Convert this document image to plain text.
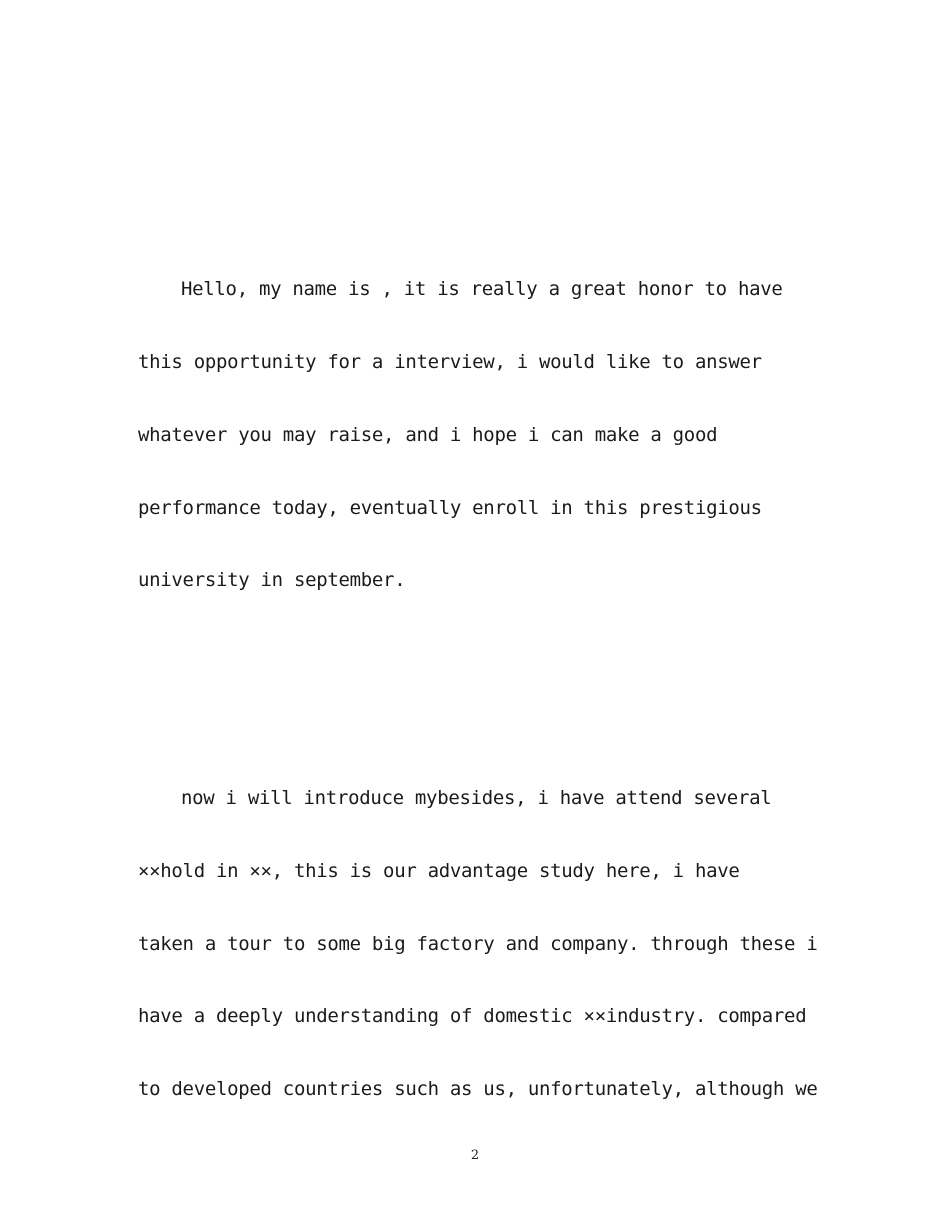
Hello, my name is , it is really a great honor to have
this opportunity for a interview, i would like to answer
whatever you may raise, and i hope i can make a good
performance today, eventually enroll in this prestigious
university in september.
now i will introduce mybesides, i have attend several
××hold in ××, this is our advantage study here, i have
taken a tour to some big factory and company. through these i
have a deeply understanding of domestic ××industry. compared
to developed countries such as us, unfortunately, although we
2
